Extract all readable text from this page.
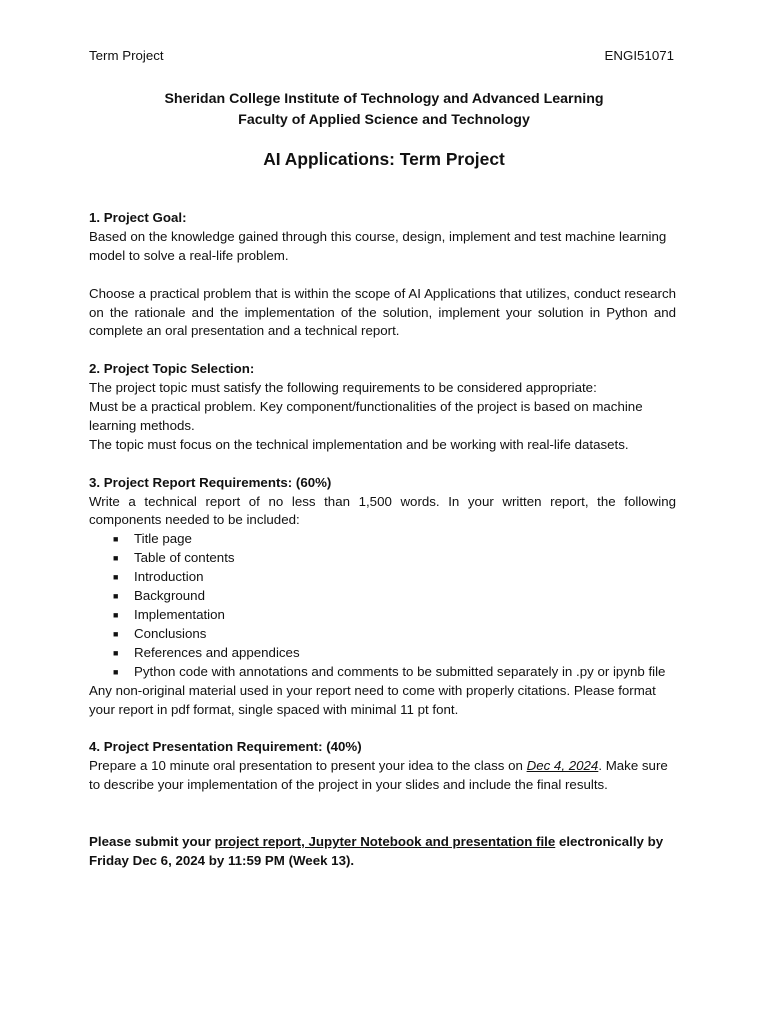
Term Project	ENGI51071
Sheridan College Institute of Technology and Advanced Learning
Faculty of Applied Science and Technology
AI Applications: Term Project
1. Project Goal:
Based on the knowledge gained through this course, design, implement and test machine learning model to solve a real-life problem.
Choose a practical problem that is within the scope of AI Applications that utilizes, conduct research on the rationale and the implementation of the solution, implement your solution in Python and complete an oral presentation and a technical report.
2. Project Topic Selection:
The project topic must satisfy the following requirements to be considered appropriate:
Must be a practical problem. Key component/functionalities of the project is based on machine learning methods.
The topic must focus on the technical implementation and be working with real-life datasets.
3. Project Report Requirements: (60%)
Write a technical report of no less than 1,500 words. In your written report, the following components needed to be included:
■ Title page
■ Table of contents
■ Introduction
■ Background
■ Implementation
■ Conclusions
■ References and appendices
■ Python code with annotations and comments to be submitted separately in .py or ipynb file
Any non-original material used in your report need to come with properly citations. Please format your report in pdf format, single spaced with minimal 11 pt font.
4. Project Presentation Requirement: (40%)
Prepare a 10 minute oral presentation to present your idea to the class on Dec 4, 2024. Make sure to describe your implementation of the project in your slides and include the final results.
Please submit your project report, Jupyter Notebook and presentation file electronically by Friday Dec 6, 2024 by 11:59 PM (Week 13).
